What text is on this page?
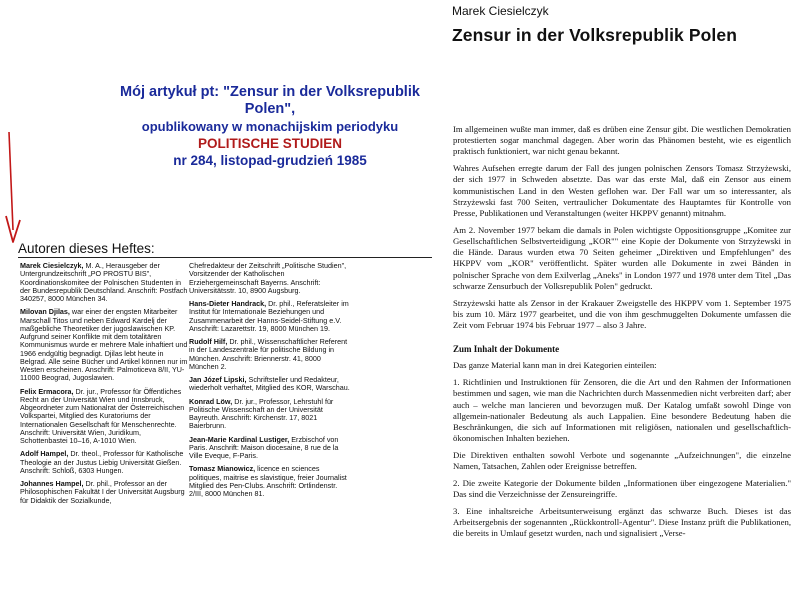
Mój artykuł pt: "Zensur in der Volksrepublik Polen",
opublikowany w monachijskim periodyku
POLITISCHE STUDIEN
nr 284, listopad-grudzień 1985
Autoren dieses Heftes:
Marek Ciesielczyk, M. A., Herausgeber der Untergrundzeitschrift „PO PROSTU BIS", Koordinationskomitee der Polnischen Studenten in der Bundesrepublik Deutschland. Anschrift: Postfach 340257, 8000 München 34.
Milovan Djilas, war einer der engsten Mitarbeiter Marschall Titos und neben Edward Kardelj der maßgebliche Theoretiker der jugoslawischen KP. Aufgrund seiner Konflikte mit dem totalitären Kommunismus wurde er mehrere Male inhaftiert und 1966 endgültig begnadigt. Djilas lebt heute in Belgrad. Alle seine Bücher und Artikel können nur im Westen erscheinen. Anschrift: Palmoticeva 8/II, YU-11000 Beograd, Jugoslawien.
Felix Ermacora, Dr. jur., Professor für Öffentliches Recht an der Universität Wien und Innsbruck, Abgeordneter zum Nationalrat der Österreichischen Volkspartei, Mitglied des Kuratoriums der Internationalen Gesellschaft für Menschenrechte. Anschrift: Universität Wien, Juridikum, Schottenbastei 10–16, A-1010 Wien.
Adolf Hampel, Dr. theol., Professor für Katholische Theologie an der Justus Liebig Universität Gießen. Anschrift: Schloß, 6303 Hungen.
Johannes Hampel, Dr. phil., Professor an der Philosophischen Fakultät I der Universität Augsburg für Didaktik der Sozialkunde,
Chefredakteur der Zeitschrift „Politische Studien", Vorsitzender der Katholischen Erziehergemeinschaft Bayerns. Anschrift: Universitätsstr. 10, 8900 Augsburg.
Hans-Dieter Handrack, Dr. phil., Referatsleiter im Institut für Internationale Beziehungen und Zusammenarbeit der Hanns-Seidel-Stiftung e.V. Anschrift: Lazarettstr. 19, 8000 München 19.
Rudolf Hilf, Dr. phil., Wissenschaftlicher Referent in der Landeszentrale für politische Bildung in München. Anschrift: Briennerstr. 41, 8000 München 2.
Jan Józef Lipski, Schriftsteller und Redakteur, wiederholt verhaftet, Mitglied des KOR, Warschau.
Konrad Löw, Dr. jur., Professor, Lehrstuhl für Politische Wissenschaft an der Universität Bayreuth. Anschrift: Kirchenstr. 17, 8021 Baierbrunn.
Jean-Marie Kardinal Lustiger, Erzbischof von Paris. Anschrift: Maison diocesaine, 8 rue de la Ville Eveque, F-Paris.
Tomasz Mianowicz, licence en sciences politiques, maitrise es slavistique, freier Journalist Mitglied des Pen-Clubs. Anschrift: Ortlindenstr. 2/III, 8000 München 81.
Marek Ciesielczyk
Zensur in der Volksrepublik Polen

Im allgemeinen wußte man immer, daß es drüben eine Zensur gibt. Die westlichen Demokratien protestierten sogar manchmal dagegen. Aber worin das Phänomen besteht, wie es eigentlich praktisch funktioniert, war nicht genau bekannt.

Wahres Aufsehen erregte darum der Fall des jungen polnischen Zensors Tomasz Strzyżewski, der sich 1977 in Schweden absetzte. Das war das erste Mal, daß ein Zensor aus einem kommunistischen Land in den Westen geflohen war. Der Fall war um so interessanter, als Strzyżewski fast 700 Seiten, vertraulicher Dokumentate des Hauptamtes für Kontrolle von Presse, Publikationen und Veranstaltungen (weiter HKPPV genannt) mitnahm.

Am 2. November 1977 bekam die damals in Polen wichtigste Oppositionsgruppe „Komitee zur Gesellschaftlichen Selbstverteidigung „KOR"" eine Kopie der Dokumente von Strzyżewski in die Hände. Daraus wurden etwa 70 Seiten geheimer „Direktiven und Empfehlungen" des HKPPV vom „KOR" veröffentlicht. Später wurden alle Dokumente in zwei Bänden in polnischer Sprache von dem Exilverlag „Aneks" in London 1977 und 1978 unter dem Titel „Das schwarze Zensurbuch der Volksrepublik Polen" gedruckt.

Strzyżewski hatte als Zensor in der Krakauer Zweigstelle des HKPPV vom 1. September 1975 bis zum 10. März 1977 gearbeitet, und die von ihm geschmuggelten Dokumente umfassen die Zeit vom Februar 1974 bis Februar 1977 – also 3 Jahre.

Zum Inhalt der Dokumente

Das ganze Material kann man in drei Kategorien einteilen:

1. Richtlinien und Instruktionen für Zensoren, die die Art und den Rahmen der Informationen bestimmen und sagen, wie man die Nachrichten durch Massenmedien nicht verbreiten darf; aber auch – welche man lancieren und bevorzugen muß. Der Katalog umfaßt sowohl Dinge von allgemein-nationaler Bedeutung als auch Lappalien. Eine besondere Bedeutung haben die Beschränkungen, die sich auf Informationen mit religiösen, nationalen und gesellschaftlich-ökonomischen Inhalten beziehen.

Die Direktiven enthalten sowohl Verbote und sogenannte „Aufzeichnungen", die einzelne Namen, Tatsachen, Zahlen oder Ereignisse betreffen.

2. Die zweite Kategorie der Dokumente bilden „Informationen über eingezogene Materialien." Das sind die Verzeichnisse der Zensureingriffe.

3. Eine inhaltsreiche Arbeitsunterweisung ergänzt das schwarze Buch. Dieses ist das Arbeitsergebnis der sogenannten „Rückkontroll-Agentur". Diese Instanz prüft die Publikationen, die bereits in Umlauf gesetzt wurden, nach und signalisiert „Verse-
